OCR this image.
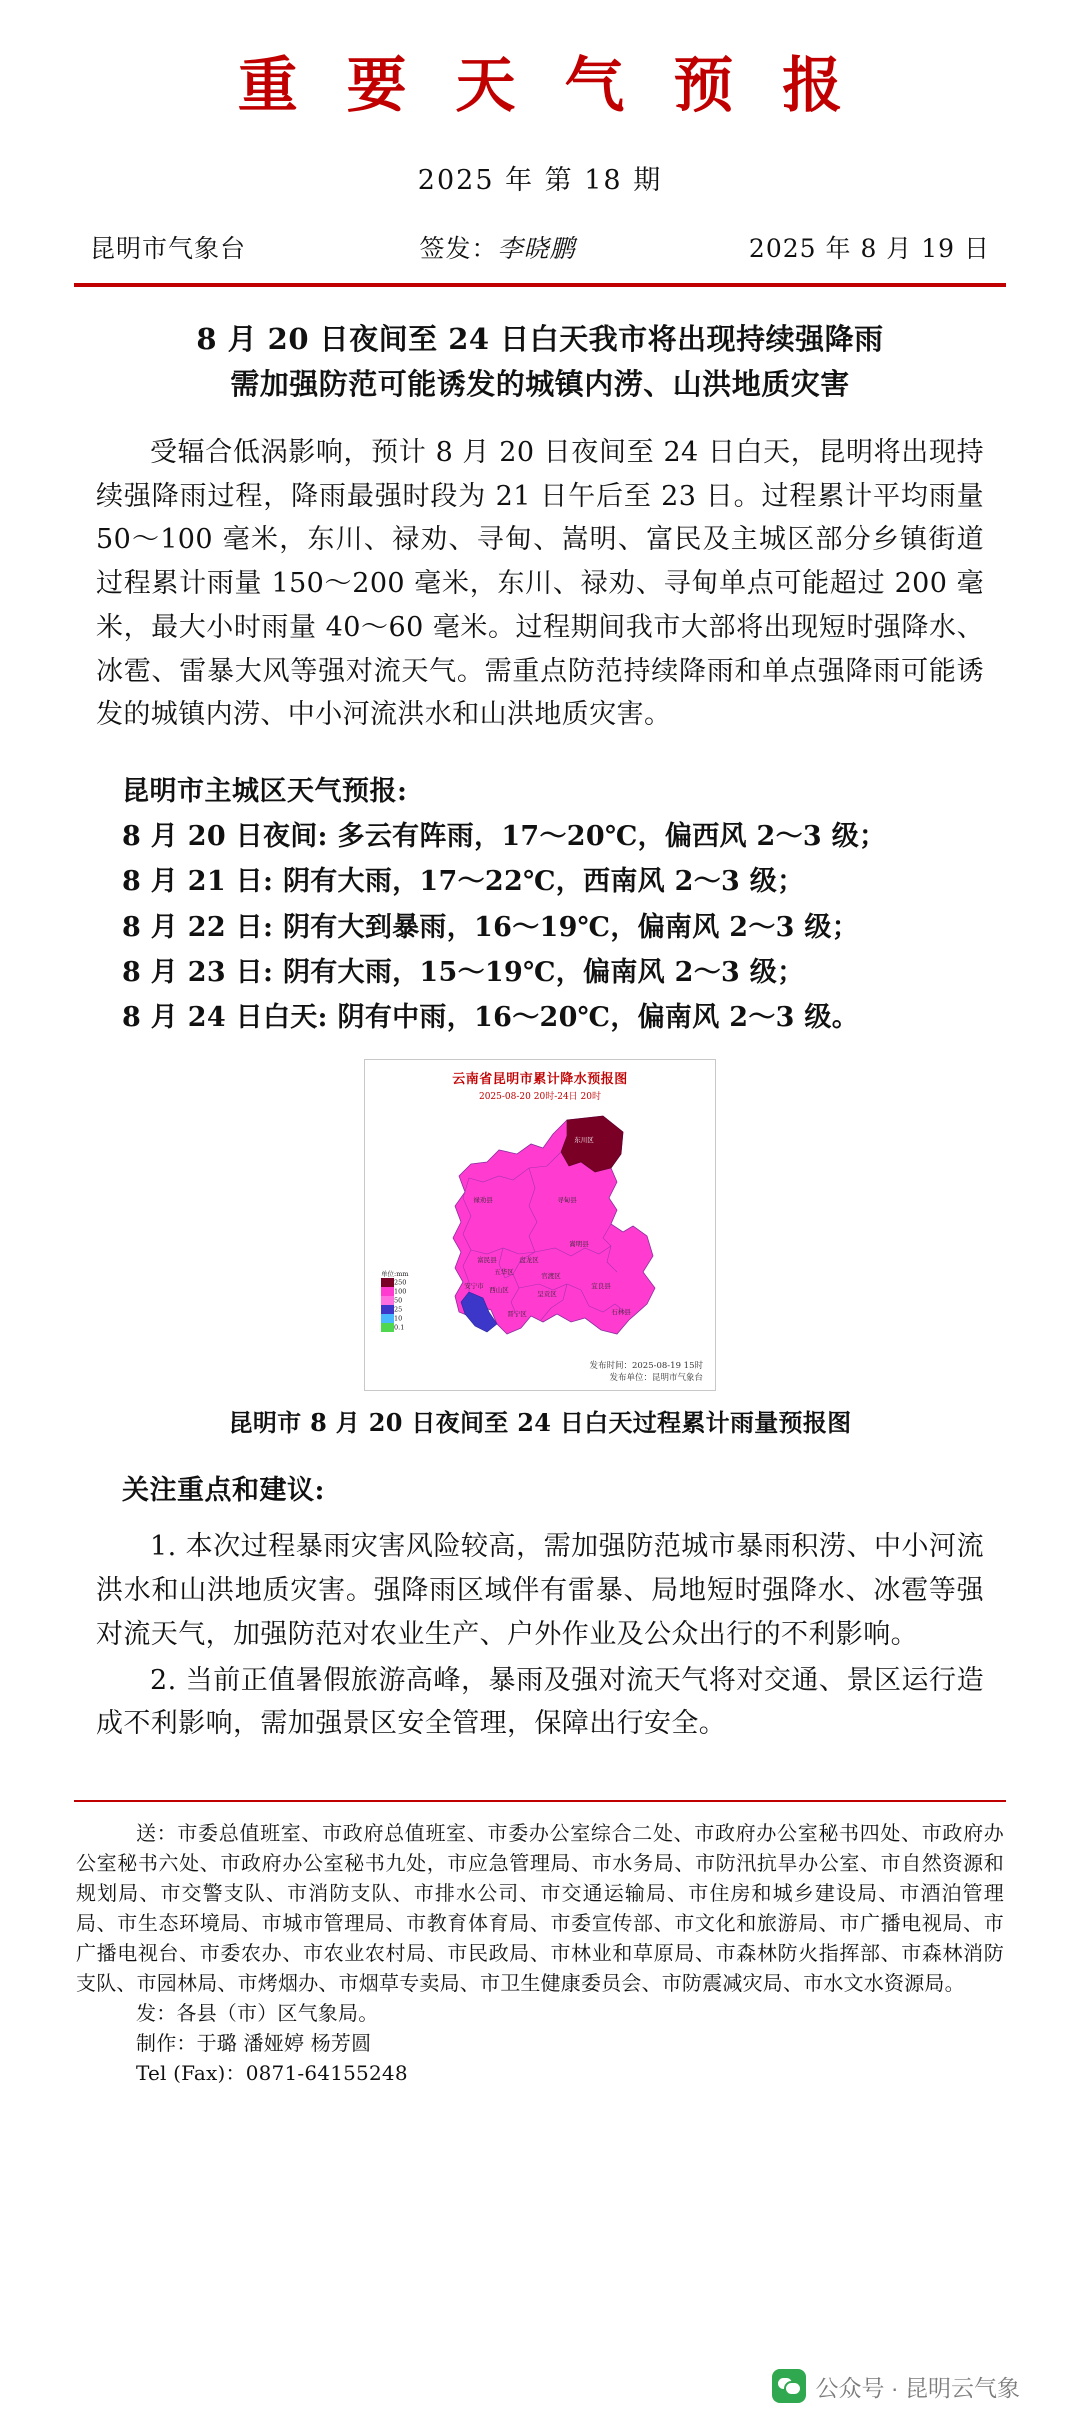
重 要 天 气 预 报
2025 年 第 18 期
昆明市气象台	签发：李晓鹏	2025 年 8 月 19 日
8 月 20 日夜间至 24 日白天我市将出现持续强降雨
需加强防范可能诱发的城镇内涝、山洪地质灾害

受辐合低涡影响，预计 8 月 20 日夜间至 24 日白天，昆明将出现持续强降雨过程，降雨最强时段为 21 日午后至 23 日。过程累计平均雨量 50～100 毫米，东川、禄劝、寻甸、嵩明、富民及主城区部分乡镇街道过程累计雨量 150～200 毫米，东川、禄劝、寻甸单点可能超过 200 毫米，最大小时雨量 40～60 毫米。过程期间我市大部将出现短时强降水、冰雹、雷暴大风等强对流天气。需重点防范持续降雨和单点强降雨可能诱发的城镇内涝、中小河流洪水和山洪地质灾害。

昆明市主城区天气预报:
8 月 20 日夜间: 多云有阵雨，17～20℃，偏西风 2～3 级；
8 月 21 日: 阴有大雨，17～22℃，西南风 2～3 级；
8 月 22 日: 阴有大到暴雨，16～19℃，偏南风 2～3 级；
8 月 23 日: 阴有大雨，15～19℃，偏南风 2～3 级；
8 月 24 日白天: 阴有中雨，16～20℃，偏南风 2～3 级。
云南省昆明市累计降水预报图
2025-08-20 20时-24日 20时
东川区
寻甸县
禄劝县
富民县
嵩明县
盘龙区
官渡区
五华区
西山区	呈贡区
安宁市
晋宁区
宜良县
石林县
单位:mm
250
100
50
25
10
0.1
发布时间：2025-08-19 15时
发布单位：昆明市气象台
昆明市 8 月 20 日夜间至 24 日白天过程累计雨量预报图
关注重点和建议:

1. 本次过程暴雨灾害风险较高，需加强防范城市暴雨积涝、中小河流洪水和山洪地质灾害。强降雨区域伴有雷暴、局地短时强降水、冰雹等强对流天气，加强防范对农业生产、户外作业及公众出行的不利影响。

2. 当前正值暑假旅游高峰，暴雨及强对流天气将对交通、景区运行造成不利影响，需加强景区安全管理，保障出行安全。

送：市委总值班室、市政府总值班室、市委办公室综合二处、市政府办公室秘书四处、市政府办公室秘书六处、市政府办公室秘书九处，市应急管理局、市水务局、市防汛抗旱办公室、市自然资源和规划局、市交警支队、市消防支队、市排水公司、市交通运输局、市住房和城乡建设局、市酒泊管理局、市生态环境局、市城市管理局、市教育体育局、市委宣传部、市文化和旅游局、市广播电视局、市广播电视台、市委农办、市农业农村局、市民政局、市林业和草原局、市森林防火指挥部、市森林消防支队、市园林局、市烤烟办、市烟草专卖局、市卫生健康委员会、市防震减灾局、市水文水资源局。
发：各县（市）区气象局。
制作：于璐 潘娅婷 杨芳圆
Tel (Fax)：0871-64155248
公众号 · 昆明云气象
